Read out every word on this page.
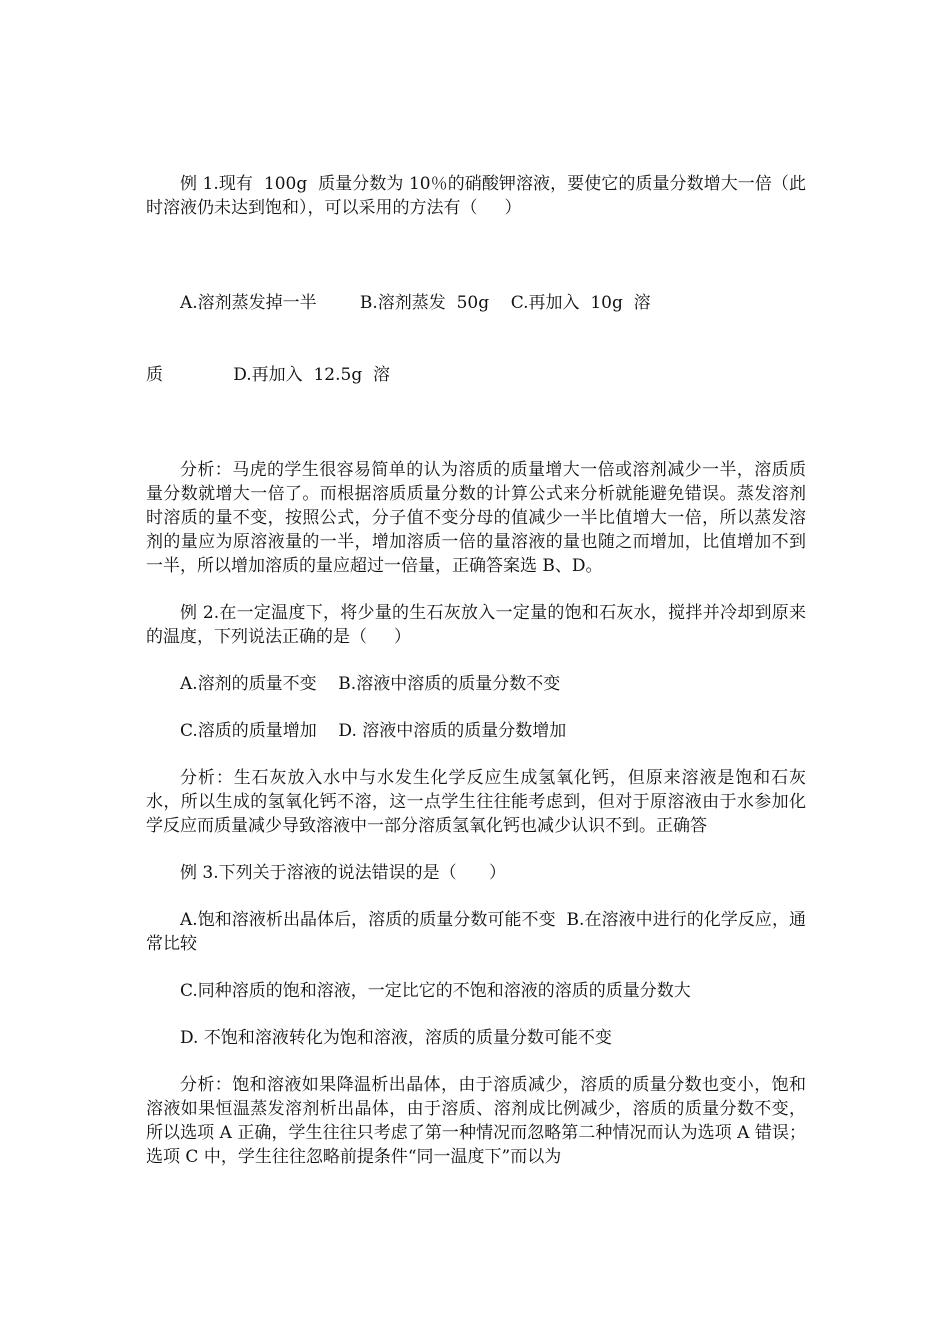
例 1.现有  100g  质量分数为 10％的硝酸钾溶液，要使它的质量分数增大一倍（此时溶液仍未达到饱和），可以采用的方法有（     ）

A.溶剂蒸发掉一半        B.溶剂蒸发  50g    C.再加入  10g  溶

质             D.再加入  12.5g  溶

分析：马虎的学生很容易简单的认为溶质的质量增大一倍或溶剂减少一半，溶质质量分数就增大一倍了。而根据溶质质量分数的计算公式来分析就能避免错误。蒸发溶剂时溶质的量不变，按照公式，分子值不变分母的值减少一半比值增大一倍，所以蒸发溶剂的量应为原溶液量的一半，增加溶质一倍的量溶液的量也随之而增加，比值增加不到一半，所以增加溶质的量应超过一倍量，正确答案选 B、D。

例 2.在一定温度下，将少量的生石灰放入一定量的饱和石灰水，搅拌并冷却到原来的温度，下列说法正确的是（     ）

A.溶剂的质量不变    B.溶液中溶质的质量分数不变

C.溶质的质量增加    D. 溶液中溶质的质量分数增加

分析：生石灰放入水中与水发生化学反应生成氢氧化钙，但原来溶液是饱和石灰水，所以生成的氢氧化钙不溶，这一点学生往往能考虑到，但对于原溶液由于水参加化学反应而质量减少导致溶液中一部分溶质氢氧化钙也减少认识不到。正确答

例 3.下列关于溶液的说法错误的是（      ）

A.饱和溶液析出晶体后，溶质的质量分数可能不变  B.在溶液中进行的化学反应，通常比较

C.同种溶质的饱和溶液，一定比它的不饱和溶液的溶质的质量分数大

D. 不饱和溶液转化为饱和溶液，溶质的质量分数可能不变

分析：饱和溶液如果降温析出晶体，由于溶质减少，溶质的质量分数也变小，饱和溶液如果恒温蒸发溶剂析出晶体，由于溶质、溶剂成比例减少，溶质的质量分数不变，所以选项 A 正确，学生往往只考虑了第一种情况而忽略第二种情况而认为选项 A 错误；选项 C 中，学生往往忽略前提条件“同一温度下”而以为
